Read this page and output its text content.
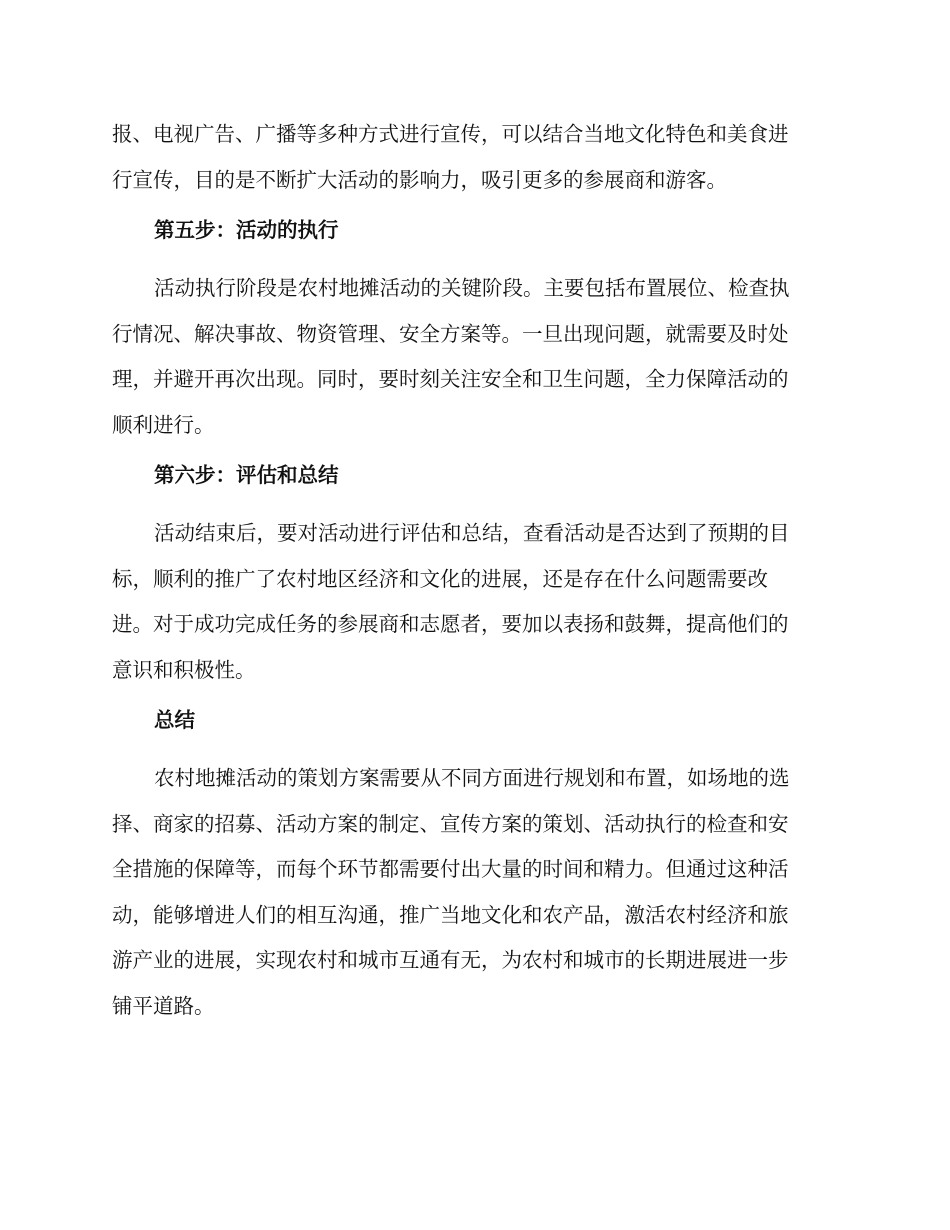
报、电视广告、广播等多种方式进行宣传，可以结合当地文化特色和美食进
行宣传，目的是不断扩大活动的影响力，吸引更多的参展商和游客。
第五步：活动的执行
活动执行阶段是农村地摊活动的关键阶段。主要包括布置展位、检查执
行情况、解决事故、物资管理、安全方案等。一旦出现问题，就需要及时处
理，并避开再次出现。同时，要时刻关注安全和卫生问题，全力保障活动的
顺利进行。
第六步：评估和总结
活动结束后，要对活动进行评估和总结，查看活动是否达到了预期的目
标，顺利的推广了农村地区经济和文化的进展，还是存在什么问题需要改
进。对于成功完成任务的参展商和志愿者，要加以表扬和鼓舞，提高他们的
意识和积极性。
总结
农村地摊活动的策划方案需要从不同方面进行规划和布置，如场地的选
择、商家的招募、活动方案的制定、宣传方案的策划、活动执行的检查和安
全措施的保障等，而每个环节都需要付出大量的时间和精力。但通过这种活
动，能够增进人们的相互沟通，推广当地文化和农产品，激活农村经济和旅
游产业的进展，实现农村和城市互通有无，为农村和城市的长期进展进一步
铺平道路。
